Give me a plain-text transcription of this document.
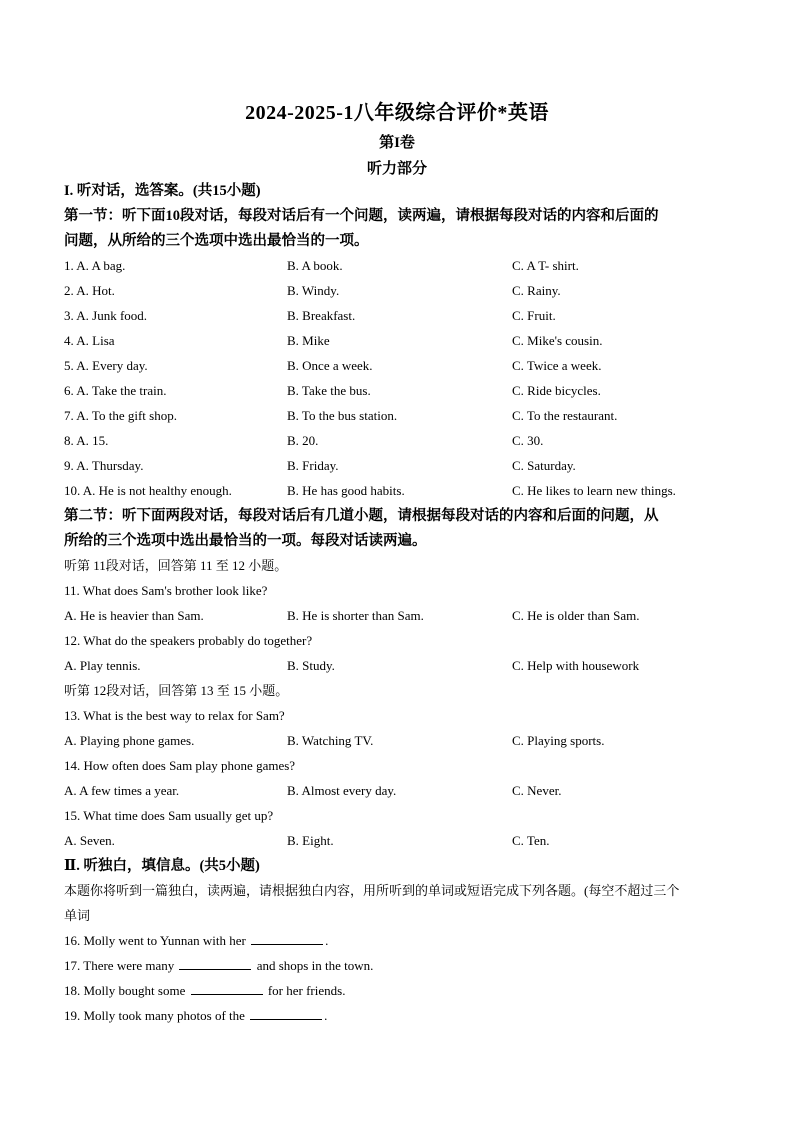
2024-2025-1八年级综合评价*英语
第I卷
听力部分
I. 听对话，选答案。(共15小题)
第一节：听下面10段对话，每段对话后有一个问题，读两遍，请根据每段对话的内容和后面的
问题，从所给的三个选项中选出最恰当的一项。
1. A. A bag.	B. A book.	C. A T- shirt.
2. A. Hot.	B. Windy.	C. Rainy.
3. A. Junk food.	B. Breakfast.	C. Fruit.
4. A. Lisa	B. Mike	C. Mike's cousin.
5. A. Every day.	B. Once a week.	C. Twice a week.
6. A. Take the train.	B. Take the bus.	C. Ride bicycles.
7. A. To the gift shop.	B. To the bus station.	C. To the restaurant.
8. A. 15.	B. 20.	C. 30.
9. A. Thursday.	B. Friday.	C. Saturday.
10. A. He is not healthy enough.	B. He has good habits.	C. He likes to learn new things.
第二节：听下面两段对话，每段对话后有几道小题，请根据每段对话的内容和后面的问题，从
所给的三个选项中选出最恰当的一项。每段对话读两遍。
听第 11段对话，回答第 11 至 12 小题。
11. What does Sam's brother look like?
A. He is heavier than Sam.	B. He is shorter than Sam.	C. He is older than Sam.
12. What do the speakers probably do together?
A. Play tennis.	B. Study.	C. Help with housework
听第 12段对话，回答第 13 至 15 小题。
13. What is the best way to relax for Sam?
A. Playing phone games.	B. Watching TV.	C. Playing sports.
14. How often does Sam play phone games?
A. A few times a year.	B. Almost every day.	C. Never.
15. What time does Sam usually get up?
A. Seven.	B. Eight.	C. Ten.
Ⅱ. 听独白，填信息。(共5小题)
本题你将听到一篇独白，读两遍，请根据独白内容，用所听到的单词或短语完成下列各题。(每空不超过三个
单词
16. Molly went to Yunnan with her	.
17. There were many	and shops in the town.
18. Molly bought some	for her friends.
19. Molly took many photos of the	.
